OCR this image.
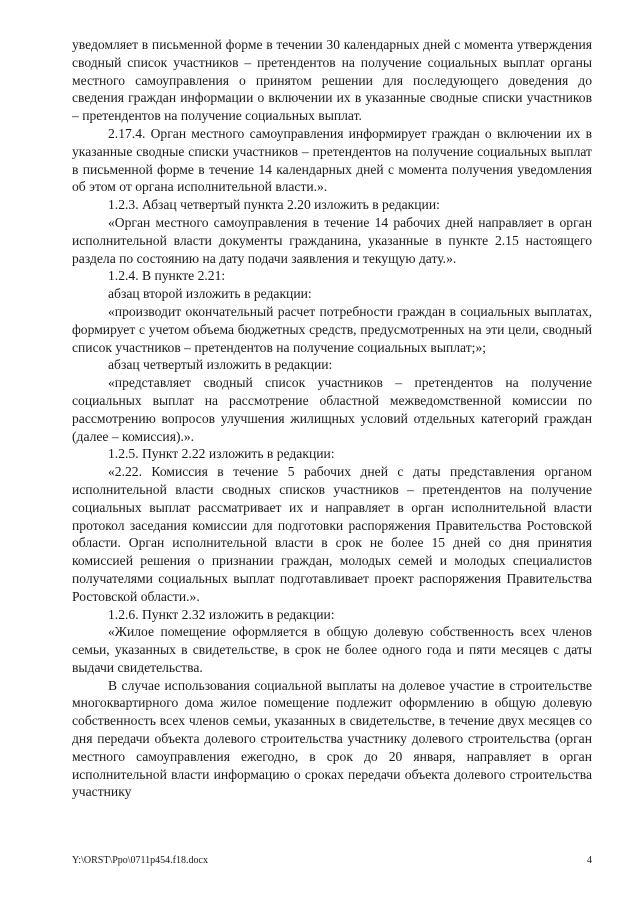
уведомляет в письменной форме в течении 30 календарных дней с момента утверждения сводный список участников – претендентов на получение социальных выплат органы местного самоуправления о принятом решении для последующего доведения до сведения граждан информации о включении их в указанные сводные списки участников – претендентов на получение социальных выплат.

2.17.4. Орган местного самоуправления информирует граждан о включении их в указанные сводные списки участников – претендентов на получение социальных выплат в письменной форме в течение 14 календарных дней с момента получения уведомления об этом от органа исполнительной власти.».

1.2.3. Абзац четвертый пункта 2.20 изложить в редакции:

«Орган местного самоуправления в течение 14 рабочих дней направляет в орган исполнительной власти документы гражданина, указанные в пункте 2.15 настоящего раздела по состоянию на дату подачи заявления и текущую дату.».

1.2.4. В пункте 2.21:

абзац второй изложить в редакции:

«производит окончательный расчет потребности граждан в социальных выплатах, формирует с учетом объема бюджетных средств, предусмотренных на эти цели, сводный список участников – претендентов на получение социальных выплат;»;

абзац четвертый изложить в редакции:

«представляет сводный список участников – претендентов на получение социальных выплат на рассмотрение областной межведомственной комиссии по рассмотрению вопросов улучшения жилищных условий отдельных категорий граждан (далее – комиссия).».

1.2.5. Пункт 2.22 изложить в редакции:

«2.22. Комиссия в течение 5 рабочих дней с даты представления органом исполнительной власти сводных списков участников – претендентов на получение социальных выплат рассматривает их и направляет в орган исполнительной власти протокол заседания комиссии для подготовки распоряжения Правительства Ростовской области. Орган исполнительной власти в срок не более 15 дней со дня принятия комиссией решения о признании граждан, молодых семей и молодых специалистов получателями социальных выплат подготавливает проект распоряжения Правительства Ростовской области.».

1.2.6. Пункт 2.32 изложить в редакции:

«Жилое помещение оформляется в общую долевую собственность всех членов семьи, указанных в свидетельстве, в срок не более одного года и пяти месяцев с даты выдачи свидетельства.

В случае использования социальной выплаты на долевое участие в строительстве многоквартирного дома жилое помещение подлежит оформлению в общую долевую собственность всех членов семьи, указанных в свидетельстве, в течение двух месяцев со дня передачи объекта долевого строительства участнику долевого строительства (орган местного самоуправления ежегодно, в срок до 20 января, направляет в орган исполнительной власти информацию о сроках передачи объекта долевого строительства участнику

Y:\ORST\Ppo\0711p454.f18.docx	4
